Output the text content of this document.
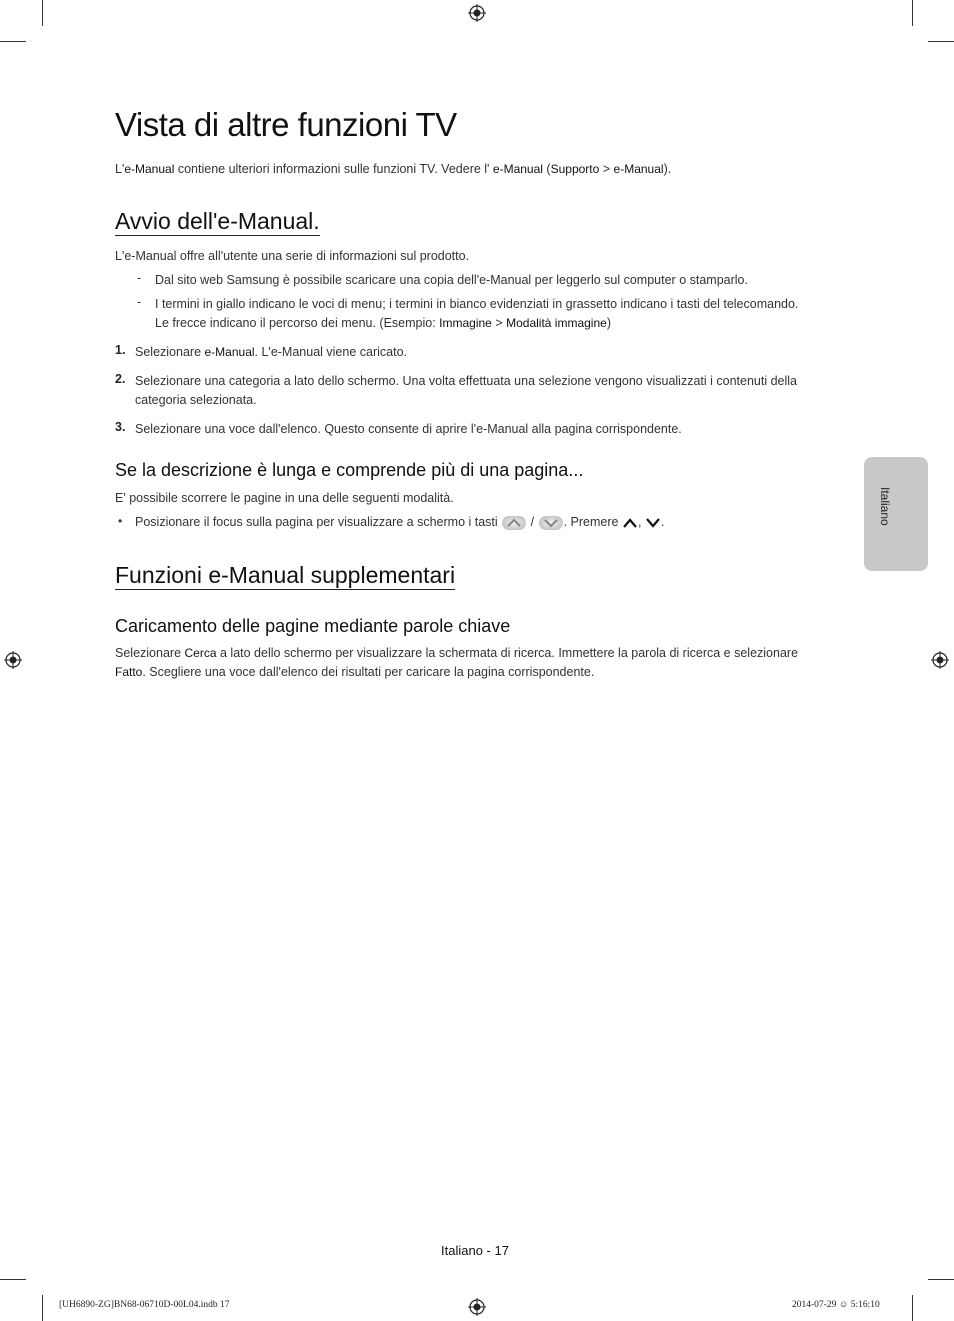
Vista di altre funzioni TV
L'e-Manual contiene ulteriori informazioni sulle funzioni TV. Vedere l' e-Manual (Supporto > e-Manual).
Avvio dell'e-Manual.
L'e-Manual offre all'utente una serie di informazioni sul prodotto.
- Dal sito web Samsung è possibile scaricare una copia dell'e-Manual per leggerlo sul computer o stamparlo.
- I termini in giallo indicano le voci di menu; i termini in bianco evidenziati in grassetto indicano i tasti del telecomando.
Le frecce indicano il percorso dei menu. (Esempio: Immagine > Modalità immagine)
1. Selezionare e-Manual. L'e-Manual viene caricato.
2. Selezionare una categoria a lato dello schermo. Una volta effettuata una selezione vengono visualizzati i contenuti della
categoria selezionata.
3. Selezionare una voce dall'elenco. Questo consente di aprire l'e-Manual alla pagina corrispondente.
Se la descrizione è lunga e comprende più di una pagina...
E' possibile scorrere le pagine in una delle seguenti modalità.
• Posizionare il focus sulla pagina per visualizzare a schermo i tasti  / . Premere , .
Funzioni e-Manual supplementari
Caricamento delle pagine mediante parole chiave
Selezionare Cerca a lato dello schermo per visualizzare la schermata di ricerca. Immettere la parola di ricerca e selezionare
Fatto. Scegliere una voce dall'elenco dei risultati per caricare la pagina corrispondente.
Italiano
Italiano - 17
[UH6890-ZG]BN68-06710D-00L04.indb 17	2014-07-29 ☺ 5:16:10
